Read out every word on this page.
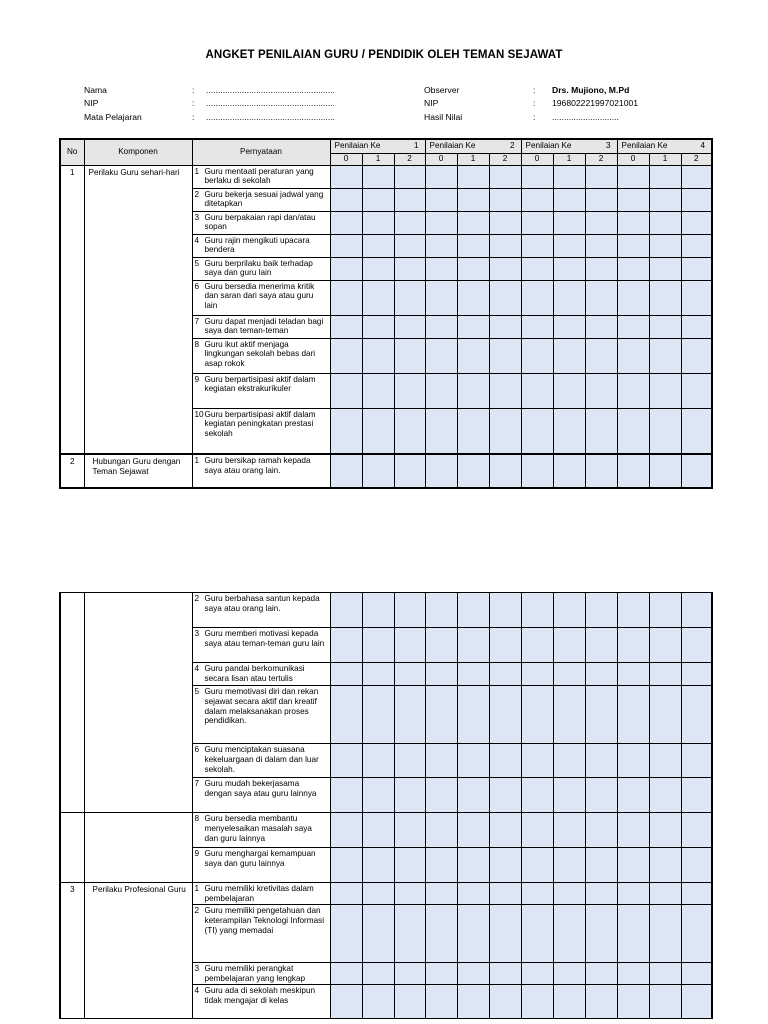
ANGKET PENILAIAN GURU / PENDIDIK OLEH TEMAN SEJAWAT
Nama	: ......................................................
NIP	: ......................................................
Mata Pelajaran	: ......................................................
Observer	: Drs. Mujiono, M.Pd
NIP	: 196802221997021001
Hasil Nilai	: ............................
No	Komponen	Pernyataan	Penilaian Ke 1			Penilaian Ke 2			Penilaian Ke 3			Penilaian Ke 4		

			0	1	2	0	1	2	0	1	2	0	1	2
1	Perilaku Guru sehari-hari	1 Guru mentaati peraturan yang berlaku di sekolah												

		2 Guru bekerja sesuai jadwal yang ditetapkan												

		3 Guru berpakaian rapi dan/atau sopan												

		4 Guru rajin mengikuti upacara bendera												

		5 Guru berprilaku baik terhadap saya dan guru lain												

		6 Guru bersedia menerima kritik dan saran dari saya atau guru lain												

		7 Guru dapat menjadi teladan bagi saya dan teman-teman												

		8 Guru ikut aktif menjaga lingkungan sekolah bebas dari asap rokok												

		9 Guru berpartisipasi aktif dalam kegiatan ekstrakurikuler												

		10 Guru berpartisipasi aktif dalam kegiatan peningkatan prestasi sekolah												

2	Hubungan Guru dengan Teman Sejawat	1 Guru bersikap ramah kepada saya atau orang lain.												

		2 Guru berbahasa santun kepada saya atau orang lain.												

		3 Guru memberi motivasi kepada saya atau teman-teman guru lain												

		4 Guru pandai berkomunikasi secara lisan atau tertulis												

		5 Guru memotivasi diri dan rekan sejawat secara aktif dan kreatif dalam melaksanakan proses pendidikan.												

		6 Guru menciptakan suasana kekeluargaan di dalam dan luar sekolah.												

		7 Guru mudah bekerjasama dengan saya atau guru lainnya												

		8 Guru bersedia membantu menyelesaikan masalah saya dan guru lainnya												

		9 Guru menghargai kemampuan saya dan guru lainnya												

3	Perilaku Profesional Guru	1 Guru memiliki kretivitas dalam pembelajaran												

		2 Guru memiliki pengetahuan dan keterampilan Teknologi Informasi (TI) yang memadai												

		3 Guru memiliki perangkat pembelajaran yang lengkap												

		4 Guru ada di sekolah meskipun tidak mengajar di kelas												
